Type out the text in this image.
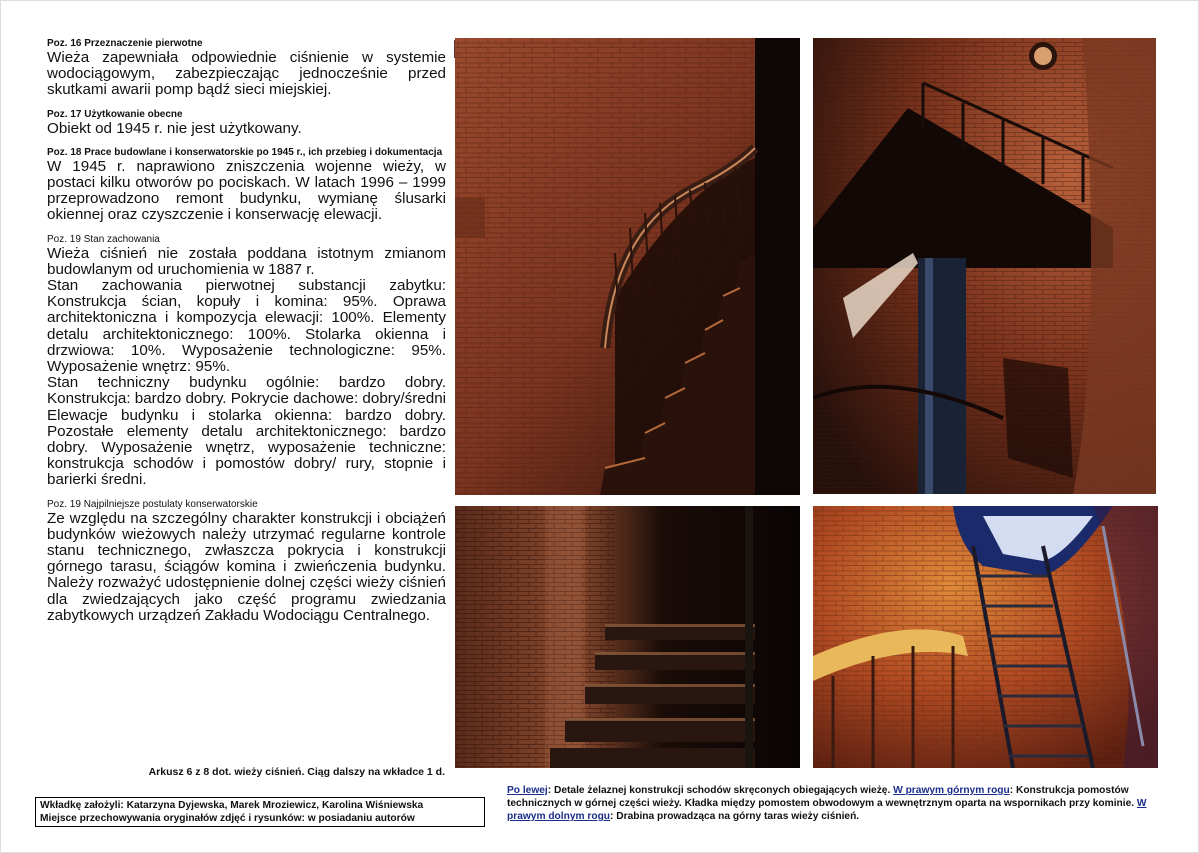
Poz. 16 Przeznaczenie pierwotne

Wieża zapewniała odpowiednie ciśnienie w systemie wodociągowym, zabezpieczając jednocześnie przed skutkami awarii pomp bądź sieci miejskiej.

Poz. 17 Użytkowanie obecne

Obiekt od 1945 r. nie jest użytkowany.

Poz. 18 Prace budowlane i konserwatorskie po 1945 r., ich przebieg i dokumentacja

W 1945 r. naprawiono zniszczenia wojenne wieży, w postaci kilku otworów po pociskach. W latach 1996 – 1999 przeprowadzono remont budynku, wymianę ślusarki okiennej oraz czyszczenie i konserwację elewacji.

Poz. 19 Stan zachowania

Wieża ciśnień nie została poddana istotnym zmianom budowlanym od uruchomienia w 1887 r.

Stan zachowania pierwotnej substancji zabytku: Konstrukcja ścian, kopuły i komina: 95%. Oprawa architektoniczna i kompozycja elewacji: 100%. Elementy detalu architektonicznego: 100%. Stolarka okienna i drzwiowa: 10%. Wyposażenie technologiczne: 95%. Wyposażenie wnętrz: 95%.

Stan techniczny budynku ogólnie: bardzo dobry. Konstrukcja: bardzo dobry. Pokrycie dachowe: dobry/średni Elewacje budynku i stolarka okienna: bardzo dobry. Pozostałe elementy detalu architektonicznego: bardzo dobry. Wyposażenie wnętrz, wyposażenie techniczne: konstrukcja schodów i pomostów dobry/ rury, stopnie i barierki średni.

Poz. 19 Najpilniejsze postulaty konserwatorskie

Ze względu na szczególny charakter konstrukcji i obciążeń budynków wieżowych należy utrzymać regularne kontrole stanu technicznego, zwłaszcza pokrycia i konstrukcji górnego tarasu, ściągów komina i zwieńczenia budynku. Należy rozważyć udostępnienie dolnej części wieży ciśnień dla zwiedzających jako część programu zwiedzania zabytkowych urządzeń Zakładu Wodociągu Centralnego.

Arkusz 6 z 8 dot. wieży ciśnień. Ciąg dalszy na wkładce 1 d.
Wkładkę założyli: Katarzyna Dyjewska, Marek Mroziewicz, Karolina Wiśniewska
Miejsce przechowywania oryginałów zdjęć i rysunków: w posiadaniu autorów
Po lewej: Detale żelaznej konstrukcji schodów skręconych obiegających wieżę. W prawym górnym rogu: Konstrukcja pomostów technicznych w górnej części wieży. Kładka między pomostem obwodowym a wewnętrznym oparta na wspornikach przy kominie. W prawym dolnym rogu: Drabina prowadząca na górny taras wieży ciśnień.
